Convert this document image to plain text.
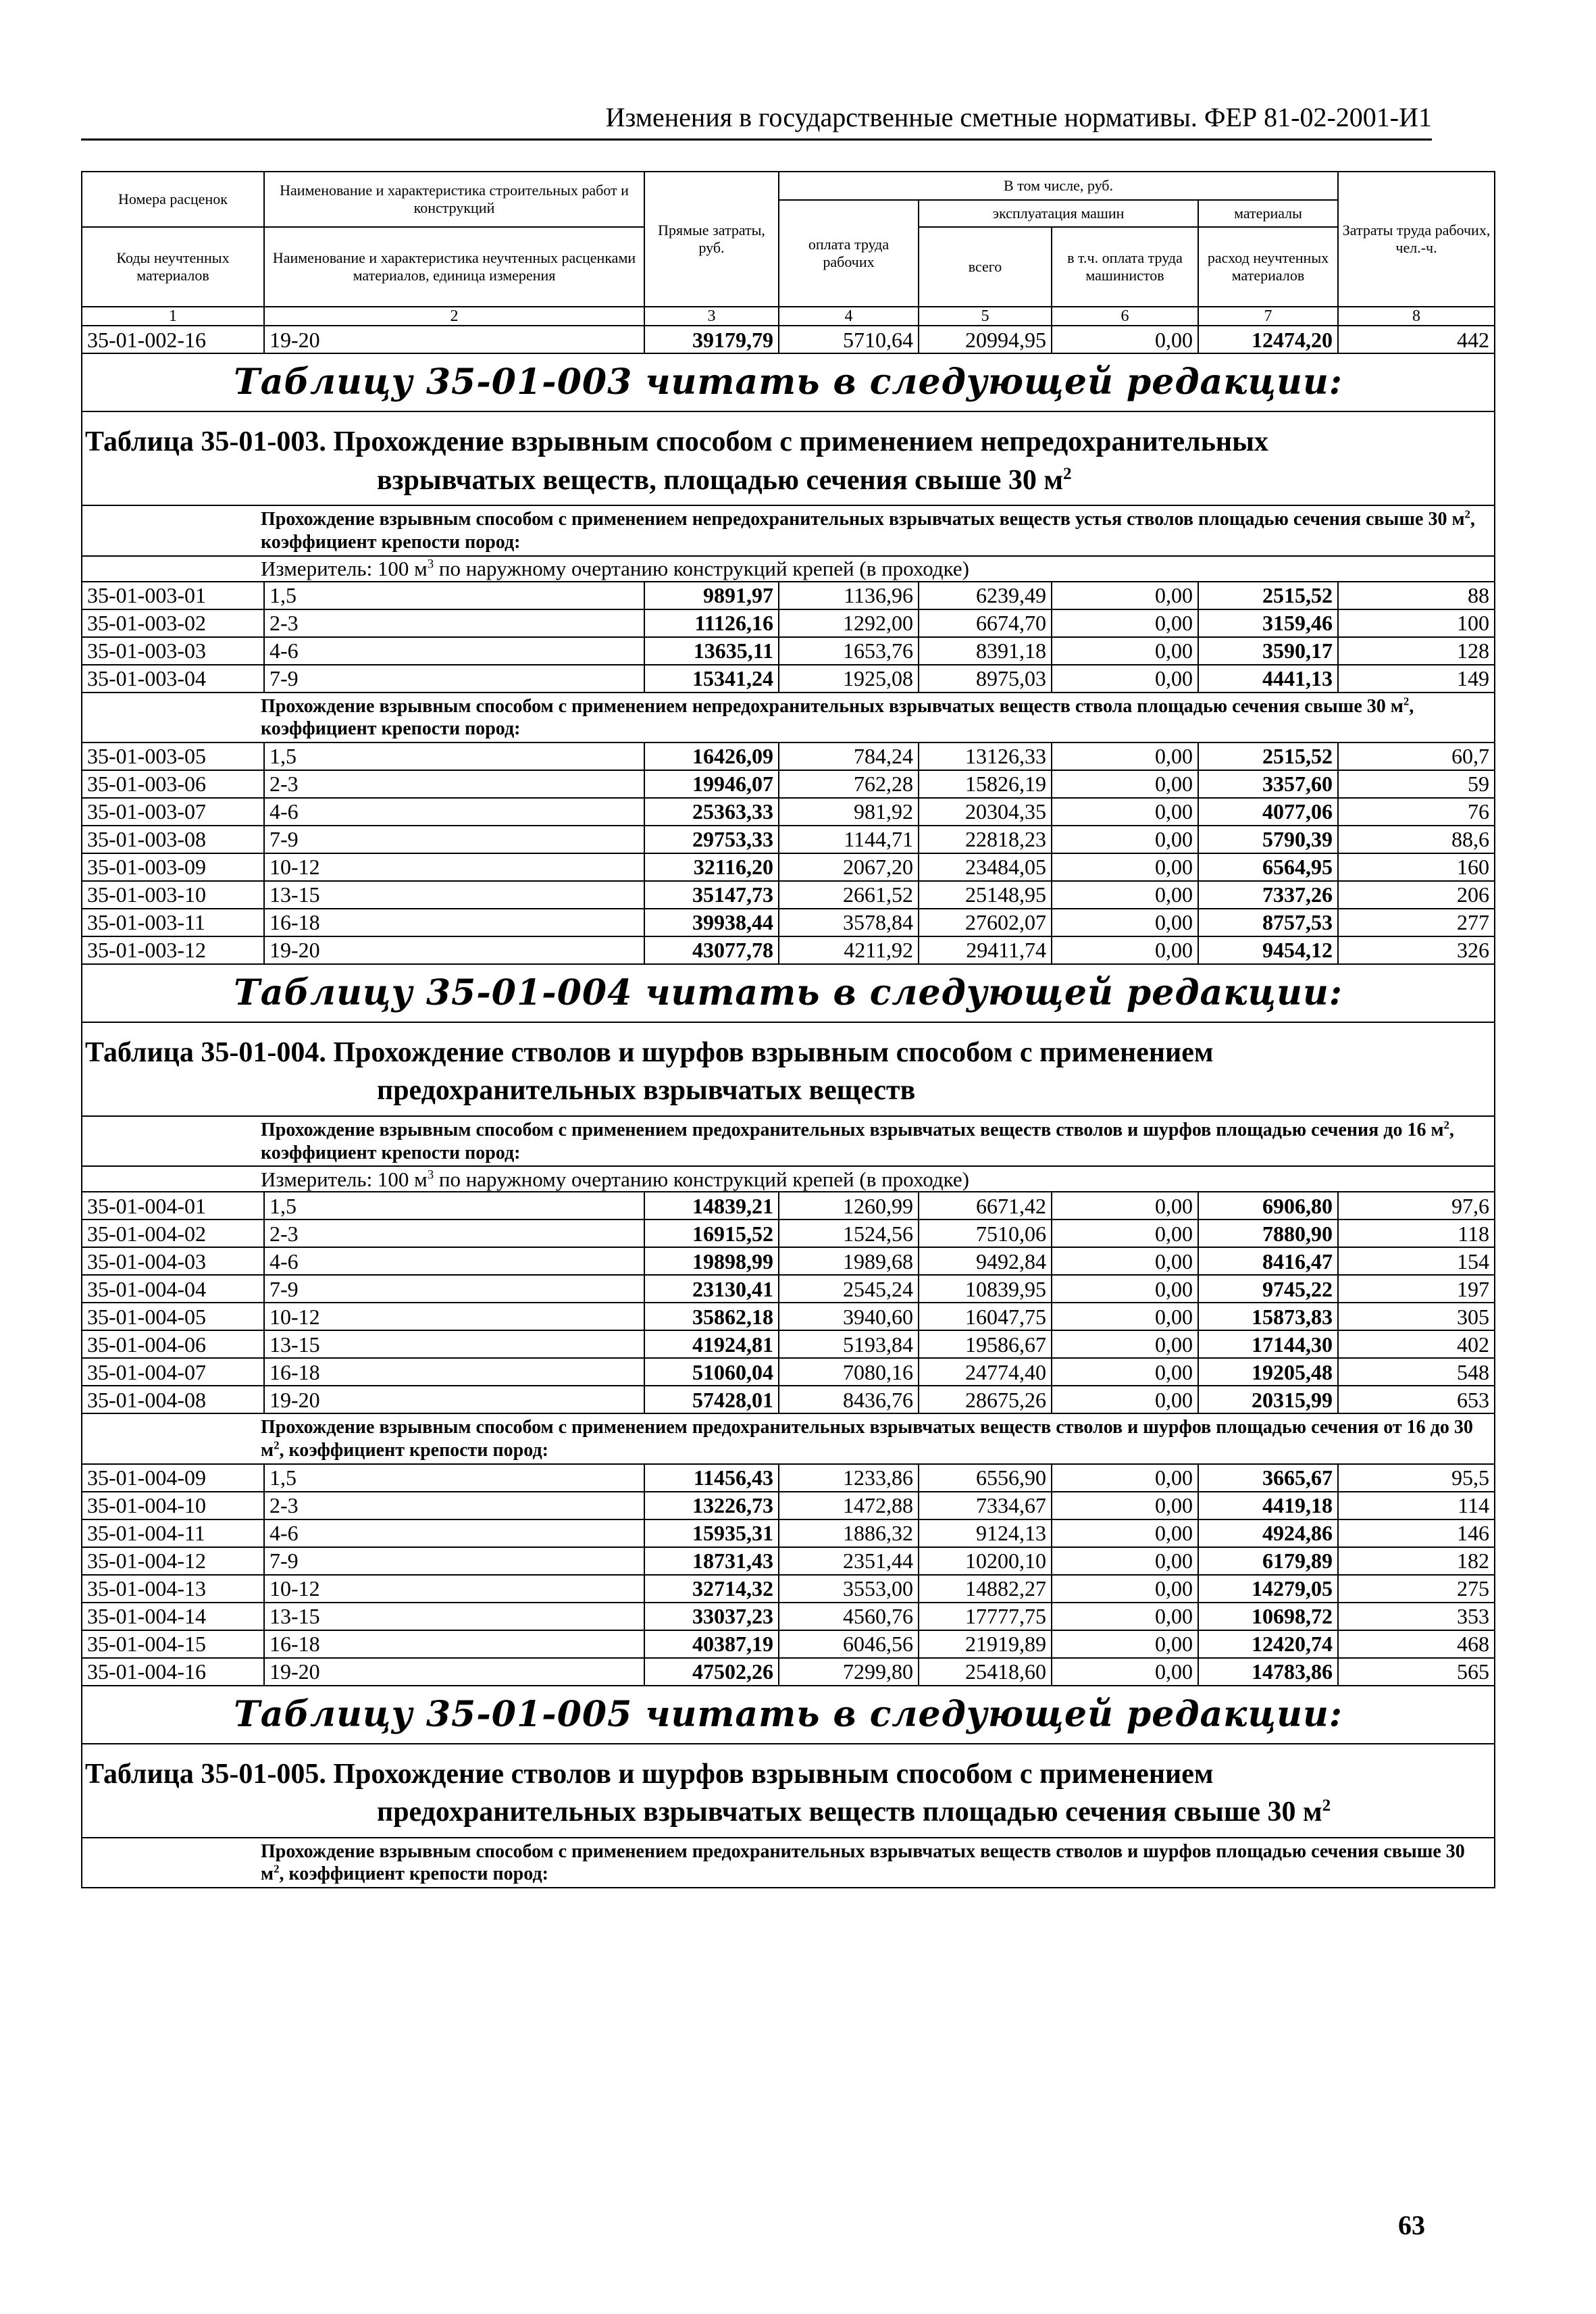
Изменения в государственные сметные нормативы. ФЕР 81-02-2001-И1
Номера расценок	Наименование и характеристика строительных работ и конструкций	Прямые затраты, руб.	В том числе, руб.				Затраты труда рабочих, чел.-ч.
			оплата труда рабочих	эксплуатация машин		материалы	
Коды неучтенных материалов	Наименование и характеристика неучтенных расценками материалов, единица измерения			всего	в т.ч. оплата труда машинистов	расход неучтенных материалов	

1	2	3	4	5	6	7	8
35-01-002-16	19-20	39179,79	5710,64	20994,95	0,00	12474,20	442
Таблицу 35-01-003 читать в следующей редакции:							
Таблица 35-01-003. Прохождение взрывным способом с применением непредохранительных
взрывчатых веществ, площадью сечения свыше 30 $м^2$

Прохождение взрывным способом с применением непредохранительных взрывчатых веществ устья стволов площадью сечения свыше 30 $м^2$, коэффициент крепости пород:							
Измеритель: 100 $м^3$ по наружному очертанию конструкций крепей (в проходке)							
35-01-003-01	1,5	9891,97	1136,96	6239,49	0,00	2515,52	88
35-01-003-02	2-3	11126,16	1292,00	6674,70	0,00	3159,46	100
35-01-003-03	4-6	13635,11	1653,76	8391,18	0,00	3590,17	128
35-01-003-04	7-9	15341,24	1925,08	8975,03	0,00	4441,13	149
Прохождение взрывным способом с применением непредохранительных взрывчатых веществ ствола площадью сечения свыше 30 $м^2$, коэффициент крепости пород:							
35-01-003-05	1,5	16426,09	784,24	13126,33	0,00	2515,52	60,7
35-01-003-06	2-3	19946,07	762,28	15826,19	0,00	3357,60	59
35-01-003-07	4-6	25363,33	981,92	20304,35	0,00	4077,06	76
35-01-003-08	7-9	29753,33	1144,71	22818,23	0,00	5790,39	88,6
35-01-003-09	10-12	32116,20	2067,20	23484,05	0,00	6564,95	160
35-01-003-10	13-15	35147,73	2661,52	25148,95	0,00	7337,26	206
35-01-003-11	16-18	39938,44	3578,84	27602,07	0,00	8757,53	277
35-01-003-12	19-20	43077,78	4211,92	29411,74	0,00	9454,12	326
Таблицу 35-01-004 читать в следующей редакции:							
Таблица 35-01-004. Прохождение стволов и шурфов взрывным способом с применением
предохранительных взрывчатых веществ							

Прохождение взрывным способом с применением предохранительных взрывчатых веществ стволов и шурфов площадью сечения до 16 $м^2$, коэффициент крепости пород:							
Измеритель: 100 $м^3$ по наружному очертанию конструкций крепей (в проходке)							
35-01-004-01	1,5	14839,21	1260,99	6671,42	0,00	6906,80	97,6
35-01-004-02	2-3	16915,52	1524,56	7510,06	0,00	7880,90	118
35-01-004-03	4-6	19898,99	1989,68	9492,84	0,00	8416,47	154
35-01-004-04	7-9	23130,41	2545,24	10839,95	0,00	9745,22	197
35-01-004-05	10-12	35862,18	3940,60	16047,75	0,00	15873,83	305
35-01-004-06	13-15	41924,81	5193,84	19586,67	0,00	17144,30	402
35-01-004-07	16-18	51060,04	7080,16	24774,40	0,00	19205,48	548
35-01-004-08	19-20	57428,01	8436,76	28675,26	0,00	20315,99	653
Прохождение взрывным способом с применением предохранительных взрывчатых веществ стволов и шурфов площадью сечения от 16 до 30 $м^2$, коэффициент крепости пород:							
35-01-004-09	1,5	11456,43	1233,86	6556,90	0,00	3665,67	95,5
35-01-004-10	2-3	13226,73	1472,88	7334,67	0,00	4419,18	114
35-01-004-11	4-6	15935,31	1886,32	9124,13	0,00	4924,86	146
35-01-004-12	7-9	18731,43	2351,44	10200,10	0,00	6179,89	182
35-01-004-13	10-12	32714,32	3553,00	14882,27	0,00	14279,05	275
35-01-004-14	13-15	33037,23	4560,76	17777,75	0,00	10698,72	353
35-01-004-15	16-18	40387,19	6046,56	21919,89	0,00	12420,74	468
35-01-004-16	19-20	47502,26	7299,80	25418,60	0,00	14783,86	565
Таблицу 35-01-005 читать в следующей редакции:							
Таблица 35-01-005. Прохождение стволов и шурфов взрывным способом с применением
предохранительных взрывчатых веществ площадью сечения свыше 30 $м^2$

Прохождение взрывным способом с применением предохранительных взрывчатых веществ стволов и шурфов площадью сечения свыше 30 $м^2$, коэффициент крепости пород:							
63
